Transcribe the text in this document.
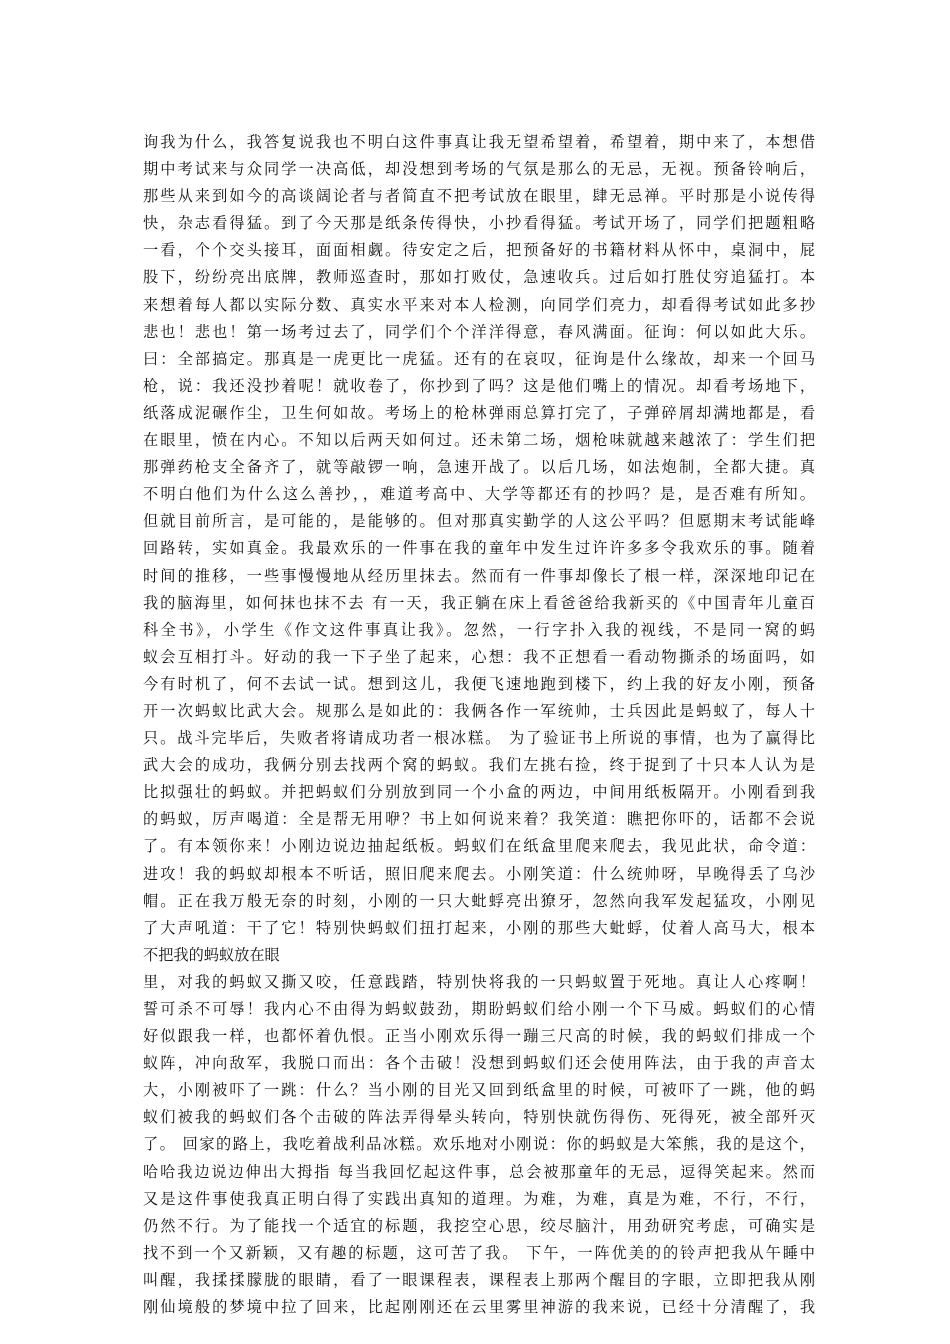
询我为什么，我答复说我也不明白这件事真让我无望希望着，希望着，期中来了，本想借
期中考试来与众同学一决高低，却没想到考场的气氛是那么的无忌，无视。预备铃响后，
那些从来到如今的高谈阔论者与者简直不把考试放在眼里，肆无忌禅。平时那是小说传得
快，杂志看得猛。到了今天那是纸条传得快，小抄看得猛。考试开场了，同学们把题粗略
一看，个个交头接耳，面面相觑。待安定之后，把预备好的书籍材料从怀中，桌洞中，屁
股下，纷纷亮出底牌，教师巡查时，那如打败仗，急速收兵。过后如打胜仗穷追猛打。本
来想着每人都以实际分数、真实水平来对本人检测，向同学们亮力，却看得考试如此多抄
悲也！悲也！第一场考过去了，同学们个个洋洋得意，春风满面。征询：何以如此大乐。
曰：全部搞定。那真是一虎更比一虎猛。还有的在哀叹，征询是什么缘故，却来一个回马
枪，说：我还没抄着呢！就收卷了，你抄到了吗？这是他们嘴上的情况。却看考场地下，
纸落成泥碾作尘，卫生何如故。考场上的枪林弹雨总算打完了，子弹碎屑却满地都是，看
在眼里，愤在内心。不知以后两天如何过。还未第二场，烟枪味就越来越浓了：学生们把
那弹药枪支全备齐了，就等敲锣一响，急速开战了。以后几场，如法炮制，全都大捷。真
不明白他们为什么这么善抄，，难道考高中、大学等都还有的抄吗？是，是否难有所知。
但就目前所言，是可能的，是能够的。但对那真实勤学的人这公平吗？但愿期末考试能峰
回路转，实如真金。我最欢乐的一件事在我的童年中发生过许许多多令我欢乐的事。随着
时间的推移，一些事慢慢地从经历里抹去。然而有一件事却像长了根一样，深深地印记在
我的脑海里，如何抹也抹不去 有一天，我正躺在床上看爸爸给我新买的《中国青年儿童百
科全书》，小学生《作文这件事真让我》。忽然，一行字扑入我的视线，不是同一窝的蚂
蚁会互相打斗。好动的我一下子坐了起来，心想：我不正想看一看动物撕杀的场面吗，如
今有时机了，何不去试一试。想到这儿，我便飞速地跑到楼下，约上我的好友小刚，预备
开一次蚂蚁比武大会。规那么是如此的：我俩各作一军统帅，士兵因此是蚂蚁了，每人十
只。战斗完毕后，失败者将请成功者一根冰糕。 为了验证书上所说的事情，也为了赢得比
武大会的成功，我俩分别去找两个窝的蚂蚁。我们左挑右捡，终于捉到了十只本人认为是
比拟强壮的蚂蚁。并把蚂蚁们分别放到同一个小盒的两边，中间用纸板隔开。小刚看到我
的蚂蚁，厉声喝道：全是帮无用咿？书上如何说来着？我笑道：瞧把你吓的，话都不会说
了。有本领你来！小刚边说边抽起纸板。蚂蚁们在纸盒里爬来爬去，我见此状，命令道：
进攻！我的蚂蚁却根本不听话，照旧爬来爬去。小刚笑道：什么统帅呀，早晚得丢了乌沙
帽。正在我万般无奈的时刻，小刚的一只大蚍蜉亮出獠牙，忽然向我军发起猛攻，小刚见
了大声吼道：干了它！特别快蚂蚁们扭打起来，小刚的那些大蚍蜉，仗着人高马大，根本
不把我的蚂蚁放在眼
里，对我的蚂蚁又撕又咬，任意践踏，特别快将我的一只蚂蚁置于死地。真让人心疼啊！
誓可杀不可辱！我内心不由得为蚂蚁鼓劲，期盼蚂蚁们给小刚一个下马威。蚂蚁们的心情
好似跟我一样，也都怀着仇恨。正当小刚欢乐得一蹦三尺高的时候，我的蚂蚁们排成一个
蚁阵，冲向敌军，我脱口而出：各个击破！没想到蚂蚁们还会使用阵法，由于我的声音太
大，小刚被吓了一跳：什么？当小刚的目光又回到纸盒里的时候，可被吓了一跳，他的蚂
蚁们被我的蚂蚁们各个击破的阵法弄得晕头转向，特别快就伤得伤、死得死，被全部歼灭
了。 回家的路上，我吃着战利品冰糕。欢乐地对小刚说：你的蚂蚁是大笨熊，我的是这个，
哈哈我边说边伸出大拇指 每当我回忆起这件事，总会被那童年的无忌，逗得笑起来。然而
又是这件事使我真正明白得了实践出真知的道理。为难，为难，真是为难，不行，不行，
仍然不行。为了能找一个适宜的标题，我挖空心思，绞尽脑汁，用劲研究考虑，可确实是
找不到一个又新颖，又有趣的标题，这可苦了我。 下午，一阵优美的的铃声把我从午睡中
叫醒，我揉揉朦胧的眼睛，看了一眼课程表，课程表上那两个醒目的字眼，立即把我从刚
刚仙境般的梦境中拉了回来，比起刚刚还在云里雾里神游的我来说，已经十分清醒了，我
